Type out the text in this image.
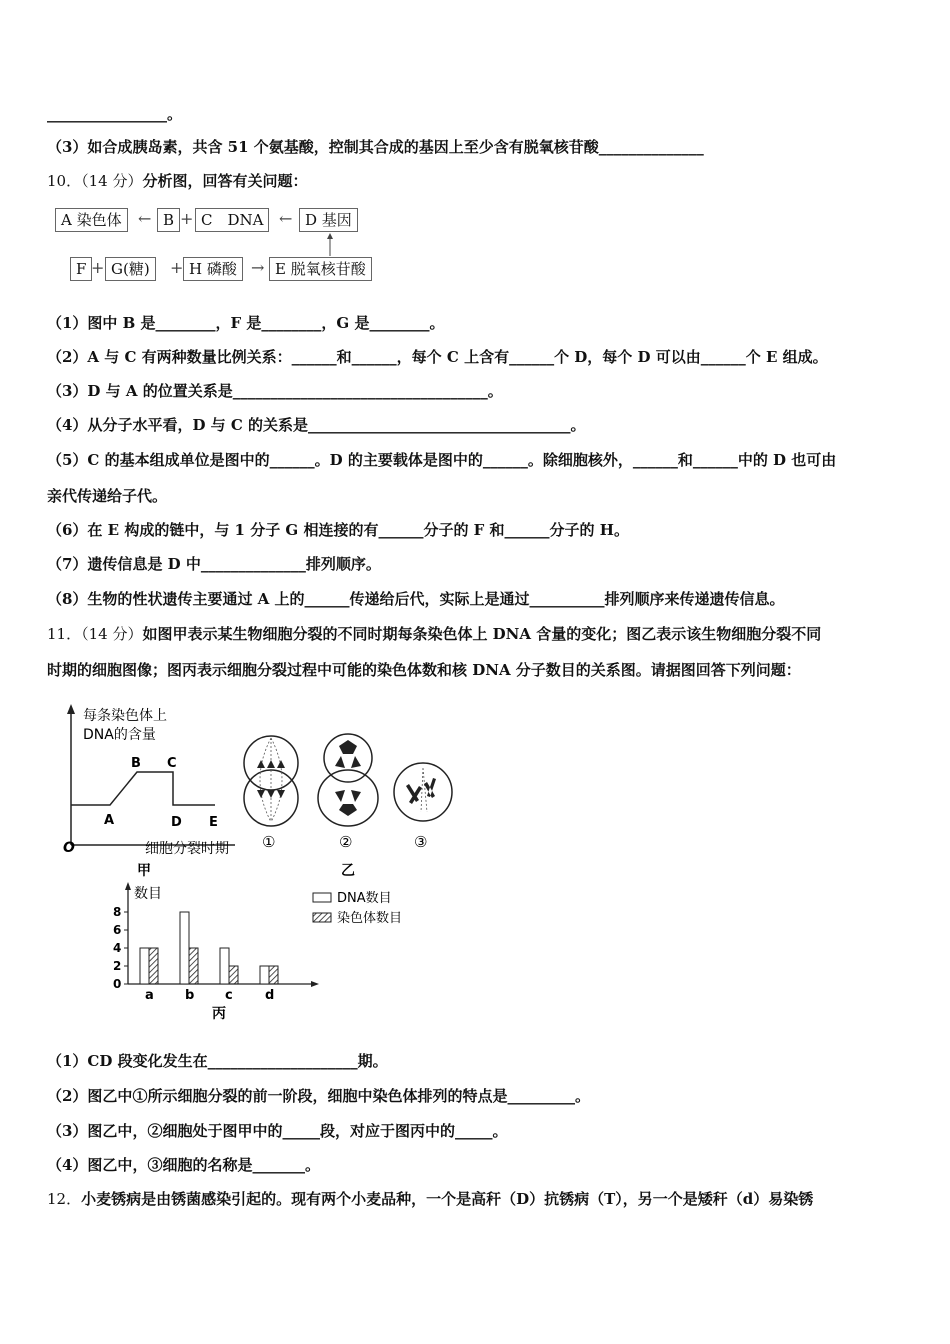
________________。
（3）如合成胰岛素，共含 51 个氨基酸，控制其合成的基因上至少含有脱氧核苷酸______________
10．（14 分）分析图，回答有关问题：
A 染色体	← B + C　DNA ← D 基因
F + G(糖)	+ H 磷酸 → E 脱氧核苷酸
（1）图中 B 是________，F 是________，G 是________。
（2）A 与 C 有两种数量比例关系：______和______，每个 C 上含有______个 D，每个 D 可以由______个 E 组成。
（3）D 与 A 的位置关系是__________________________________。
（4）从分子水平看，D 与 C 的关系是___________________________________。
（5）C 的基本组成单位是图中的______。D 的主要载体是图中的______。除细胞核外，______和______中的 D 也可由
亲代传递给子代。
（6）在 E 构成的链中，与 1 分子 G 相连接的有______分子的 F 和______分子的 H。
（7）遗传信息是 D 中______________排列顺序。
（8）生物的性状遗传主要通过 A 上的______传递给后代，实际上是通过__________排列顺序来传递遗传信息。
11．（14 分）如图甲表示某生物细胞分裂的不同时期每条染色体上 DNA 含量的变化；图乙表示该生物细胞分裂不同
时期的细胞图像；图丙表示细胞分裂过程中可能的染色体数和核 DNA 分子数目的关系图。请据图回答下列问题：
每条染色体上
DNA的含量
A
B C
D E
O	细胞分裂时期
甲
①	②	③
乙
数目
0
2
4
6
8
a b c d
丙
DNA数目
染色体数目
（1）CD 段变化发生在____________________期。
（2）图乙中①所示细胞分裂的前一阶段，细胞中染色体排列的特点是_________。
（3）图乙中，②细胞处于图甲中的_____段，对应于图丙中的_____。
（4）图乙中，③细胞的名称是_______。
12．小麦锈病是由锈菌感染引起的。现有两个小麦品种，一个是高秆（D）抗锈病（T），另一个是矮秆（d）易染锈
